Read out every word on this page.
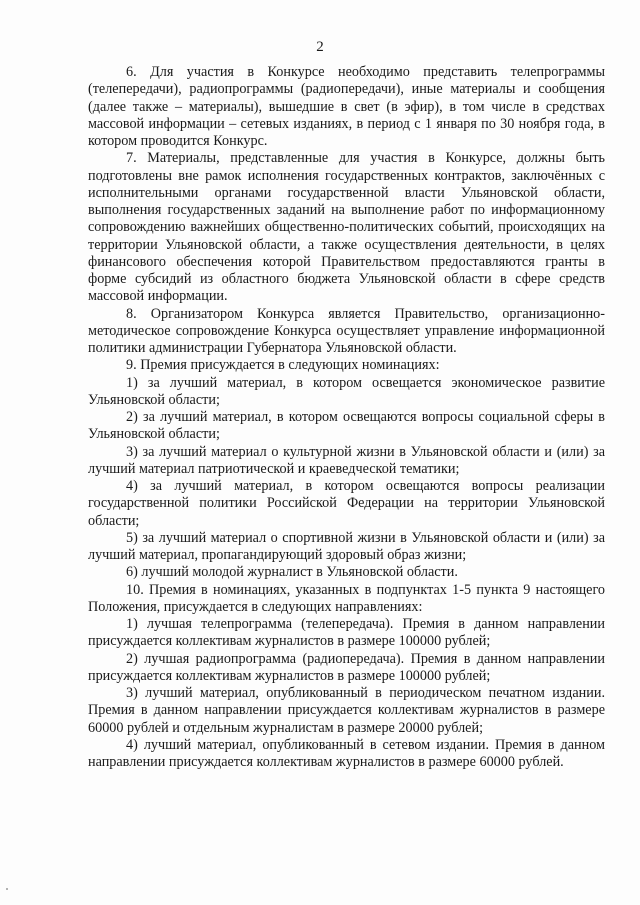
2

6. Для участия в Конкурсе необходимо представить телепрограммы (телепередачи), радиопрограммы (радиопередачи), иные материалы и сообщения (далее также – материалы), вышедшие в свет (в эфир), в том числе в средствах массовой информации – сетевых изданиях, в период с 1 января по 30 ноября года, в котором проводится Конкурс.

7. Материалы, представленные для участия в Конкурсе, должны быть подготовлены вне рамок исполнения государственных контрактов, заключённых с исполнительными органами государственной власти Ульяновской области, выполнения государственных заданий на выполнение работ по информационному сопровождению важнейших общественно-политических событий, происходящих на территории Ульяновской области, а также осуществления деятельности, в целях финансового обеспечения которой Правительством предоставляются гранты в форме субсидий из областного бюджета Ульяновской области в сфере средств массовой информации.

8. Организатором Конкурса является Правительство, организационно-методическое сопровождение Конкурса осуществляет управление информационной политики администрации Губернатора Ульяновской области.

9. Премия присуждается в следующих номинациях:

1) за лучший материал, в котором освещается экономическое развитие Ульяновской области;

2) за лучший материал, в котором освещаются вопросы социальной сферы в Ульяновской области;

3) за лучший материал о культурной жизни в Ульяновской области и (или) за лучший материал патриотической и краеведческой тематики;

4) за лучший материал, в котором освещаются вопросы реализации государственной политики Российской Федерации на территории Ульяновской области;

5) за лучший материал о спортивной жизни в Ульяновской области и (или) за лучший материал, пропагандирующий здоровый образ жизни;

6) лучший молодой журналист в Ульяновской области.

10. Премия в номинациях, указанных в подпунктах 1-5 пункта 9 настоящего Положения, присуждается в следующих направлениях:

1) лучшая телепрограмма (телепередача). Премия в данном направлении присуждается коллективам журналистов в размере 100000 рублей;

2) лучшая радиопрограмма (радиопередача). Премия в данном направлении присуждается коллективам журналистов в размере 100000 рублей;

3) лучший материал, опубликованный в периодическом печатном издании. Премия в данном направлении присуждается коллективам журналистов в размере 60000 рублей и отдельным журналистам в размере 20000 рублей;

4) лучший материал, опубликованный в сетевом издании. Премия в данном направлении присуждается коллективам журналистов в размере 60000 рублей.
